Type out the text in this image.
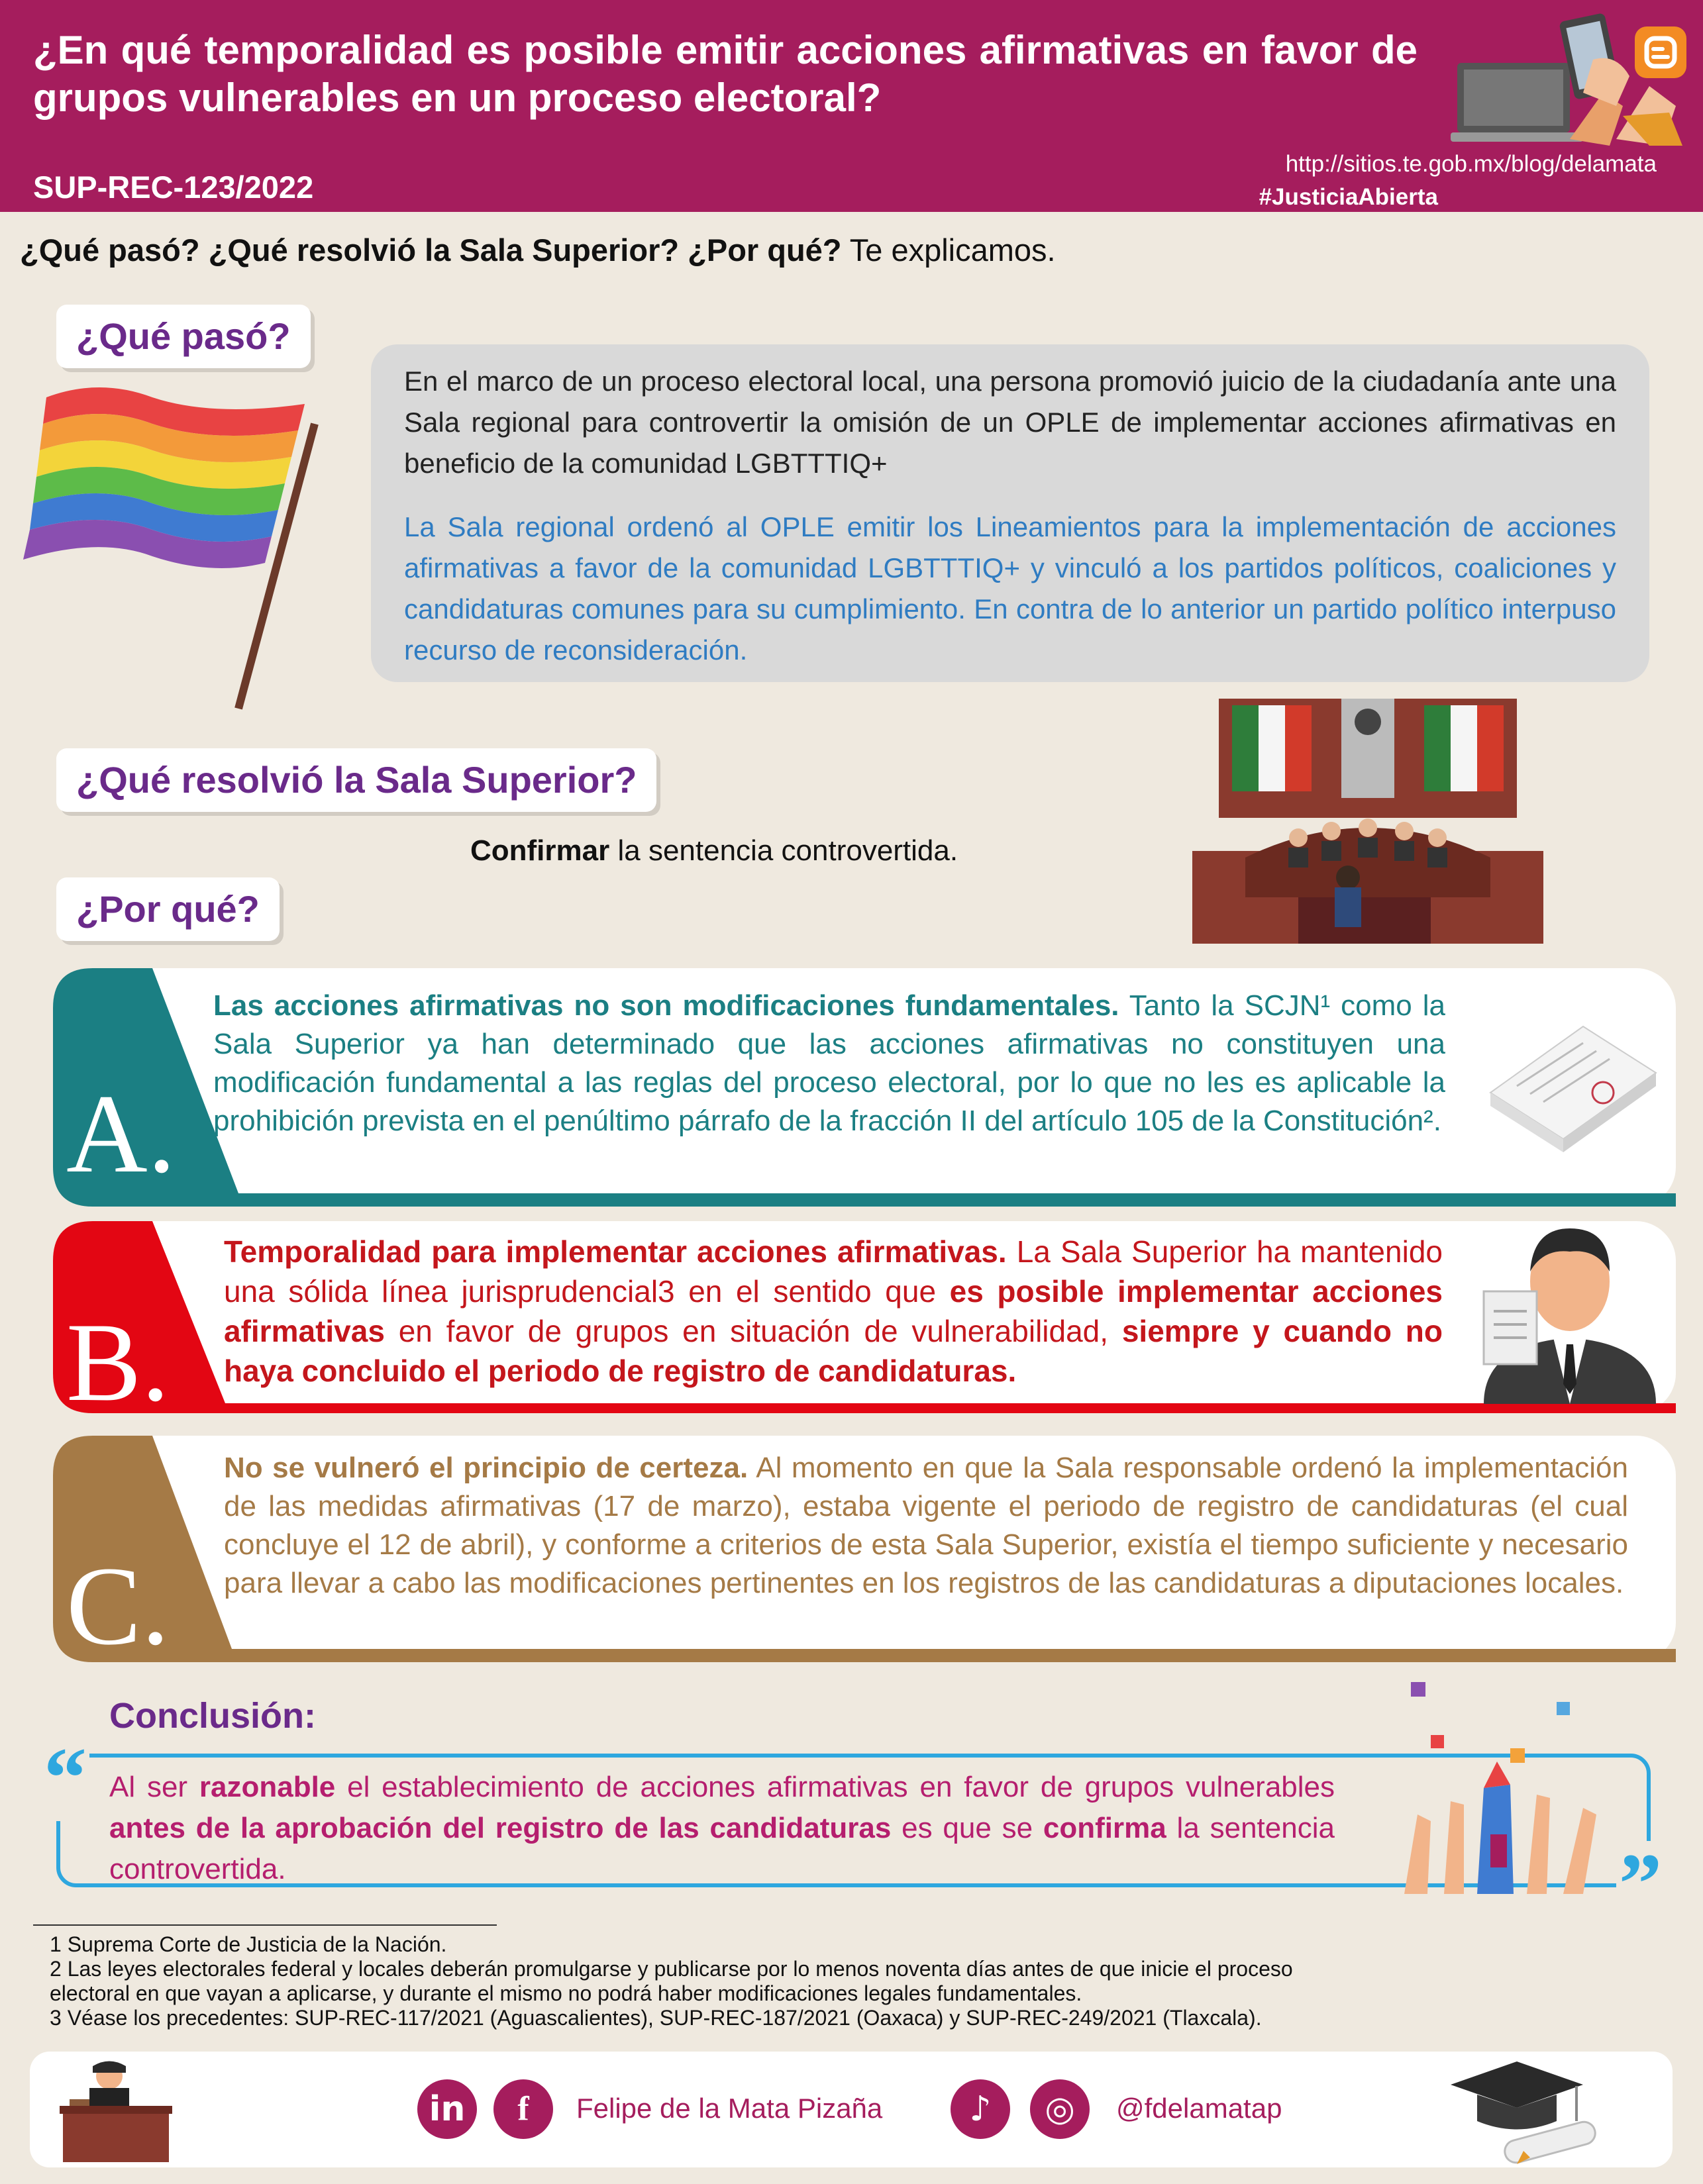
¿En qué temporalidad es posible emitir acciones afirmativas en favor de grupos vulnerables en un proceso electoral?
SUP-REC-123/2022
http://sitios.te.gob.mx/blog/delamata
#JusticiaAbierta
¿Qué pasó? ¿Qué resolvió la Sala Superior? ¿Por qué? Te explicamos.
¿Qué pasó?
En el marco de un proceso electoral local, una persona promovió juicio de la ciudadanía ante una Sala regional para controvertir la omisión de un OPLE de implementar acciones afirmativas en beneficio de la comunidad LGBTTTIQ+
La Sala regional ordenó al OPLE emitir los Lineamientos para la implementación de acciones afirmativas a favor de la comunidad LGBTTTIQ+ y vinculó a los partidos políticos, coaliciones y candidaturas comunes para su cumplimiento. En contra de lo anterior un partido político interpuso recurso de reconsideración.
¿Qué resolvió la Sala Superior?
Confirmar la sentencia controvertida.
¿Por qué?
A.
Las acciones afirmativas no son modificaciones fundamentales. Tanto la SCJN¹ como la Sala Superior ya han determinado que las acciones afirmativas no constituyen una modificación fundamental a las reglas del proceso electoral, por lo que no les es aplicable la prohibición prevista en el penúltimo párrafo de la fracción II del artículo 105 de la Constitución².
B.
Temporalidad para implementar acciones afirmativas. La Sala Superior ha mantenido una sólida línea jurisprudencial3 en el sentido que es posible implementar acciones afirmativas en favor de grupos en situación de vulnerabilidad, siempre y cuando no haya concluido el periodo de registro de candidaturas.
C.
No se vulneró el principio de certeza. Al momento en que la Sala responsable ordenó la implementación de las medidas afirmativas (17 de marzo), estaba vigente el periodo de registro de candidaturas (el cual concluye el 12 de abril), y conforme a criterios de esta Sala Superior, existía el tiempo suficiente y necesario para llevar a cabo las modificaciones pertinentes en los registros de las candidaturas a diputaciones locales.
Conclusión:
“
”
Al ser razonable el establecimiento de acciones afirmativas en favor de grupos vulnerables antes de la aprobación del registro de las candidaturas es que se confirma la sentencia controvertida.
1 Suprema Corte de Justicia de la Nación.
2 Las leyes electorales federal y locales deberán promulgarse y publicarse por lo menos noventa días antes de que inicie el proceso electoral en que vayan a aplicarse, y durante el mismo no podrá haber modificaciones legales fundamentales.
3 Véase los precedentes: SUP-REC-117/2021 (Aguascalientes), SUP-REC-187/2021 (Oaxaca) y SUP-REC-249/2021 (Tlaxcala).
in	f	Felipe de la Mata Pizaña	♪	◎	@fdelamatap
